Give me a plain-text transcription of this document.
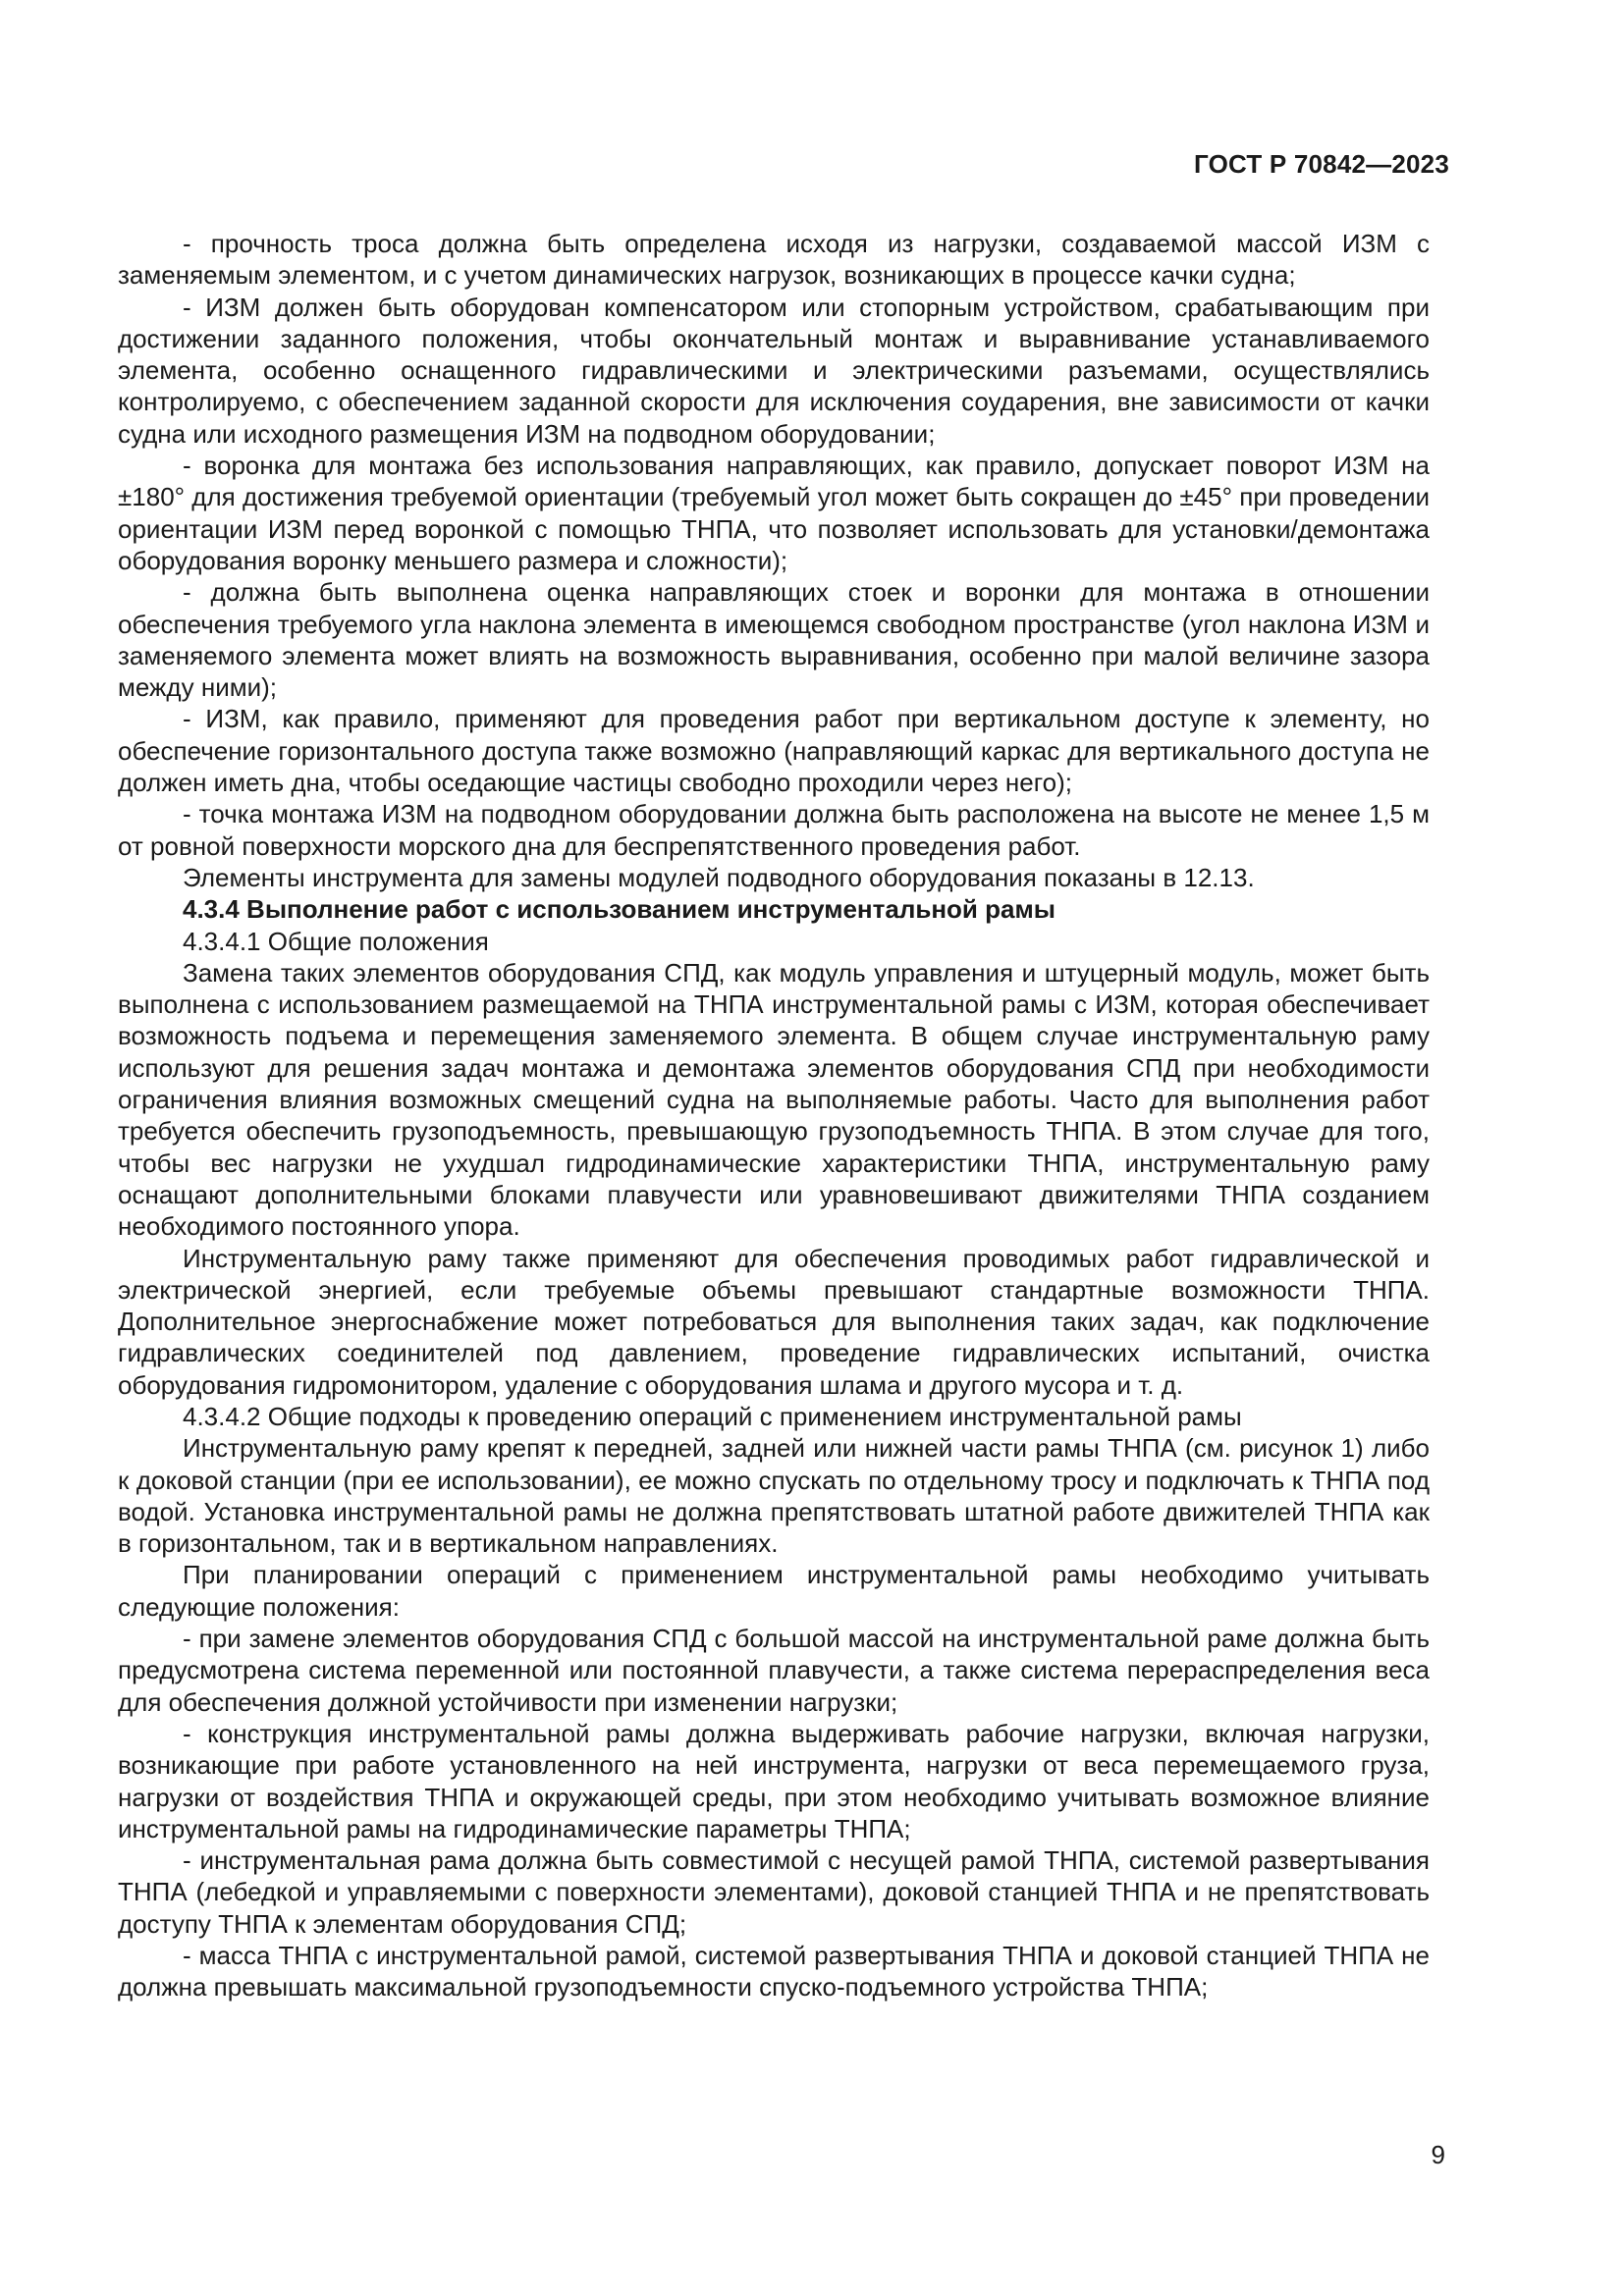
ГОСТ Р 70842—2023

- прочность троса должна быть определена исходя из нагрузки, создаваемой массой ИЗМ с заменяемым элементом, и с учетом динамических нагрузок, возникающих в процессе качки судна;

- ИЗМ должен быть оборудован компенсатором или стопорным устройством, срабатывающим при достижении заданного положения, чтобы окончательный монтаж и выравнивание устанавливаемого элемента, особенно оснащенного гидравлическими и электрическими разъемами, осуществлялись контролируемо, с обеспечением заданной скорости для исключения соударения, вне зависимости от качки судна или исходного размещения ИЗМ на подводном оборудовании;

- воронка для монтажа без использования направляющих, как правило, допускает поворот ИЗМ на ±180° для достижения требуемой ориентации (требуемый угол может быть сокращен до ±45° при проведении ориентации ИЗМ перед воронкой с помощью ТНПА, что позволяет использовать для установки/демонтажа оборудования воронку меньшего размера и сложности);

- должна быть выполнена оценка направляющих стоек и воронки для монтажа в отношении обеспечения требуемого угла наклона элемента в имеющемся свободном пространстве (угол наклона ИЗМ и заменяемого элемента может влиять на возможность выравнивания, особенно при малой величине зазора между ними);

- ИЗМ, как правило, применяют для проведения работ при вертикальном доступе к элементу, но обеспечение горизонтального доступа также возможно (направляющий каркас для вертикального доступа не должен иметь дна, чтобы оседающие частицы свободно проходили через него);

- точка монтажа ИЗМ на подводном оборудовании должна быть расположена на высоте не менее 1,5 м от ровной поверхности морского дна для беспрепятственного проведения работ.

Элементы инструмента для замены модулей подводного оборудования показаны в 12.13.

4.3.4 Выполнение работ с использованием инструментальной рамы

4.3.4.1 Общие положения

Замена таких элементов оборудования СПД, как модуль управления и штуцерный модуль, может быть выполнена с использованием размещаемой на ТНПА инструментальной рамы с ИЗМ, которая обеспечивает возможность подъема и перемещения заменяемого элемента. В общем случае инструментальную раму используют для решения задач монтажа и демонтажа элементов оборудования СПД при необходимости ограничения влияния возможных смещений судна на выполняемые работы. Часто для выполнения работ требуется обеспечить грузоподъемность, превышающую грузоподъемность ТНПА. В этом случае для того, чтобы вес нагрузки не ухудшал гидродинамические характеристики ТНПА, инструментальную раму оснащают дополнительными блоками плавучести или уравновешивают движителями ТНПА созданием необходимого постоянного упора.

Инструментальную раму также применяют для обеспечения проводимых работ гидравлической и электрической энергией, если требуемые объемы превышают стандартные возможности ТНПА. Дополнительное энергоснабжение может потребоваться для выполнения таких задач, как подключение гидравлических соединителей под давлением, проведение гидравлических испытаний, очистка оборудования гидромонитором, удаление с оборудования шлама и другого мусора и т. д.

4.3.4.2 Общие подходы к проведению операций с применением инструментальной рамы

Инструментальную раму крепят к передней, задней или нижней части рамы ТНПА (см. рисунок 1) либо к доковой станции (при ее использовании), ее можно спускать по отдельному тросу и подключать к ТНПА под водой. Установка инструментальной рамы не должна препятствовать штатной работе движителей ТНПА как в горизонтальном, так и в вертикальном направлениях.

При планировании операций с применением инструментальной рамы необходимо учитывать следующие положения:

- при замене элементов оборудования СПД с большой массой на инструментальной раме должна быть предусмотрена система переменной или постоянной плавучести, а также система перераспределения веса для обеспечения должной устойчивости при изменении нагрузки;

- конструкция инструментальной рамы должна выдерживать рабочие нагрузки, включая нагрузки, возникающие при работе установленного на ней инструмента, нагрузки от веса перемещаемого груза, нагрузки от воздействия ТНПА и окружающей среды, при этом необходимо учитывать возможное влияние инструментальной рамы на гидродинамические параметры ТНПА;

- инструментальная рама должна быть совместимой с несущей рамой ТНПА, системой развертывания ТНПА (лебедкой и управляемыми с поверхности элементами), доковой станцией ТНПА и не препятствовать доступу ТНПА к элементам оборудования СПД;

- масса ТНПА с инструментальной рамой, системой развертывания ТНПА и доковой станцией ТНПА не должна превышать максимальной грузоподъемности спуско-подъемного устройства ТНПА;

9
